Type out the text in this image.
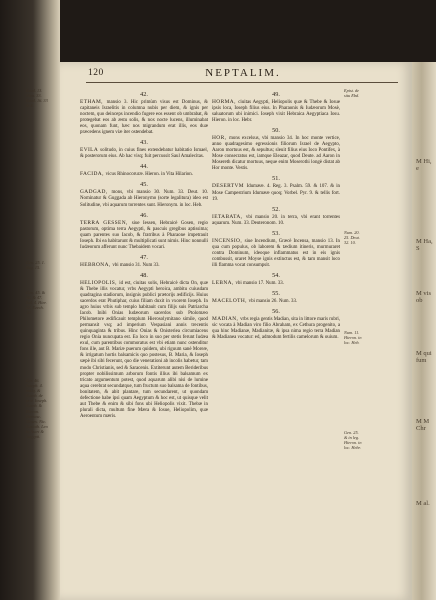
120	NEPTALIM.
42.
ETHAM, mansio 3. Hic primùm visus est Dominus, & capitaneis Israelitis in columna nubis per diem, & ignis per noctem, quo deinceps incendio fugere eos essent ob umbrabat, & protegebat eos ab æstu solis, & nox nocte lucens, illuminabat eos, quonam funt, hæc nos migrandum erat illis, eos duæ præcedens ignem viæ iter ostendebat.
43.
EVILA solitudo, in cuius fines extendebatur habitatio Ismael, & posterorum eius. Ab hac visq; fuit percussit Saul Amalecitas.
44.
FACIDA, vicus Rhinocoruræ. Hieron. in Vita Hilarion.
45.
GADGAD, mons, vbi mansio 30. Num. 33. Deut. 10. Nominatur & Guggada ab Hieronymo (sorte legalitura) ideo est Solitudine, vbi aquarum torrentes sunt. Hieronym. in loc. Heb.
46.
TERRA GESSEN, siue Iessen, Hebraicè Gosen, regio pastorum, optima terra Aegypti, & pascuis gregibus aptissima; quam parentes suo Iacob, & fratribus à Pharaone impetrauit Ioseph. Ibi ea habitarunt & multiplicati sunt nimis. Hinc nonnulli Iudæorum afferunt nunc Thebaidem vocari.
47.
HEBRONA, vbi mansio 31. Num 33.
48.
HELIOPOLIS, id est, ciuitas solis, Hebraicè dicta On, quæ & Thebe illis vocatur, vrbs Aegypti heroica, ambitu cuiusdam quadragina stadiorum, insignis publici prætorijs ædificijs. Huius sacerdos erat Phutiphar, cuius filiam duxit in vxorem Ioseph. In agro huius vrbis sub templo habitauit cum filijs suis Patriarcha Iacob. Inibi Onias Iudæorum sacerdos sub Ptolomæo Philometore ædificauit templum Hierosolymitano simile, quod permansit vsq; ad imperium Vespasiani annis trecentis quinquaginta & tribus. Hinc Onias & Onisteriea circumiacens regio Onia nuncupata est. Eo loco in suo per stetis ferunt Iudæa exul, cum parentibus commoratus est vbi etiam nunc ostenditur fons ille, aut B. Mariæ puerum quidem, ubi riguum sanè Moreæ, & irrigatum hortis balsamicis quo postesus, B. Maria, & Ioseph sæpè ibi sibi fecerunt, quo die venerationi ab incolis habetur, tam modo Christianis, sed & Saracenis. Extiterunt autem Berideribus propter nobilissimum arborum fontis illius ibi balsamum ex tricato argumentum potest, quod aquarum alibi nisi de lumine aqua cerebrat secundatque, tum fructum suo balsama de fontibus, bonitatem, & abit plantare, tum secundarent, ut quondam defectione habe ipsi quam Aegyptum & hoc est, ut quisque velit aut Thebe & enim & sibi fons ubi Heliopolis vixit. Thebæ in plurali dicta, multum fine Mæra & Iosue, Heliopolim, quæ Aeroentum mæris.
49.
HORMA, ciuitas Aegypti, Heliopolis quæ & Thebe & Iosue ipsis loca, Ioseph filius eius. In Pharaonis & Iudæorum Mosè, saluatorum ubi inimici. Ioseph vixit Hebraica Aegyptiaca Iosu. Hieron. in loc. Hebr.
50.
HOR, mons excelsus, vbi mansio 34. In hoc monte vertice, anno quadragesimo egressionis filiorum Israel de Aegypto, Aaron mortuus est, & sepultus; sleuit filius eius Ioco Pontifex, à Mose consecratus est, iamque Eleazar, quod Deute. ad Aaron in Mosereth dicatur mortuus, neque enim Moserothi longè distat ab Hor monte. Vestis.
51.
DESERTVM Idumææ. 4. Reg. 3. Psalm. 59. & 107. & in Mose Campestrium Idumææ quoq; Vorbel. Pyr. 9. & tellis fort. 19.
52.
IETABATA, vbi mansio 20. in terra, vbi erant torrentes aquarum. Num. 33. Deuteronom. 10.
53.
INCENSIO, siue Incendium, Græcè Incensa, mansio 13. In qua cum populus, ob laborem & tædium itineris, murmuraret contra Dominum, ideoque inflammatus est in eis ignis combussit, oraret Moyse ignis extinctus est, & tam mansit loco illi flamma vocat consumpsit.
54.
LEBNA, vbi mansio 17. Num. 33.
55.
MACELOTH, vbi mansio 26. Num. 33.
56.
MADIAN, vrbs regia gentis Madian, sita in littore maris rubri, sic vocata à Madian viro filio Abraham, ex Cethura progenito, a qua hinc Madianæ, Madianitæ, & ipsa nima regio terra Madian & Madianea vocatur: ed, admodum fertilis camelorum & ouium.
Exod. 13. Num. 33. Exod. 16. 33 & 4.
Gen. 25. 1. Reg. 15.
Gen. 45. & 46. & 47. Iud. 4. Hier. 43. Ezech. 30.
Cyr. 46. Ioseph. 4. antiq. & Euseb. de præ. Ioseph. Euseb. & Hieron. Damasc. Moses. Nic. Eustath. Leo in Ascri & Aegypti.
Epist. de situ Ebd.
Num. 20. 25. Deut. 32. 10.
Num. 11. Hieron. in loc. Heb.
Gen. 25. & in leg. Hieron. in loc. Hebr.
M Hi, e
M Ha, S
M vis ob
M qui fum
M M Chr
M al.
